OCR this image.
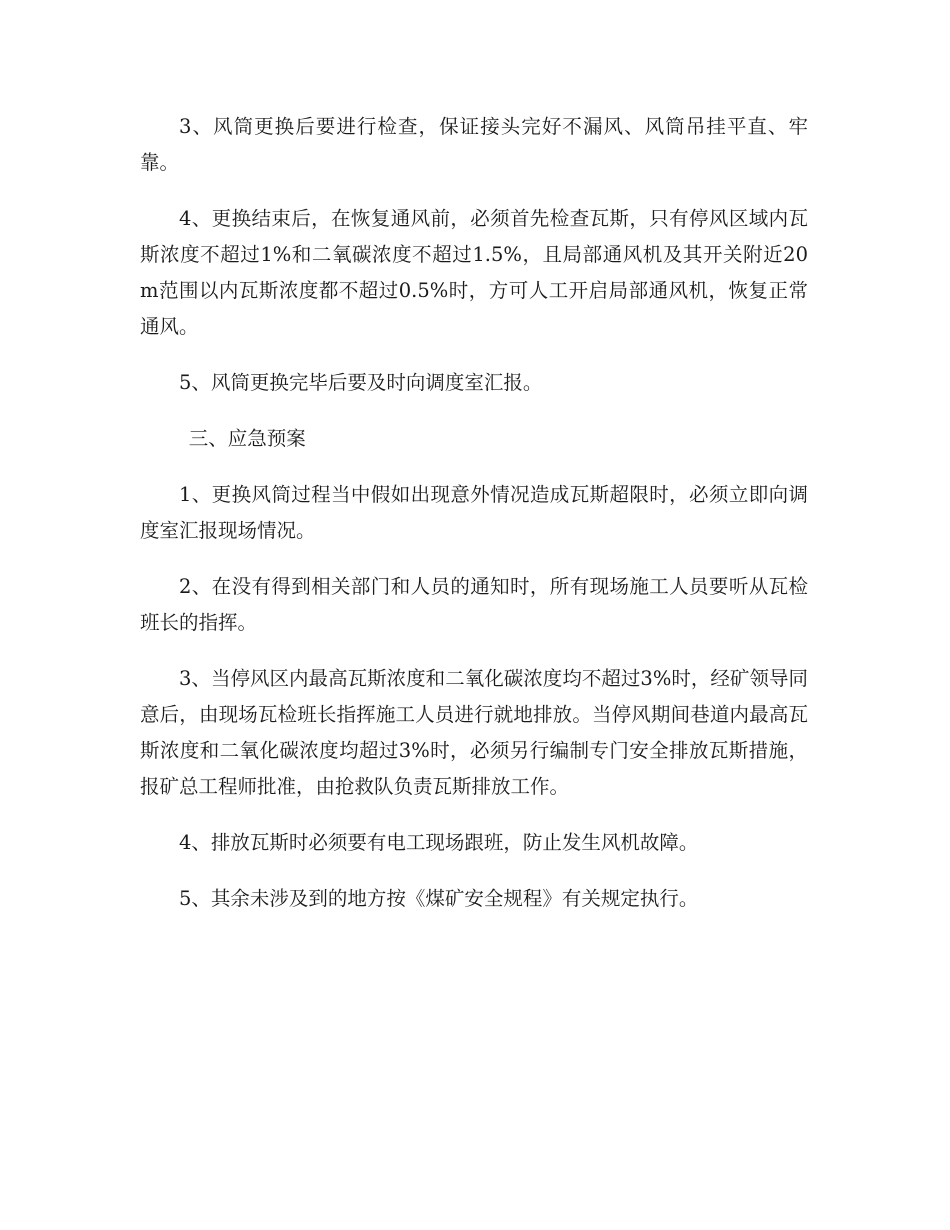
3、风筒更换后要进行检查，保证接头完好不漏风、风筒吊挂平直、牢靠。

4、更换结束后，在恢复通风前，必须首先检查瓦斯，只有停风区域内瓦斯浓度不超过1%和二氧碳浓度不超过1.5%，且局部通风机及其开关附近20m范围以内瓦斯浓度都不超过0.5%时，方可人工开启局部通风机，恢复正常通风。

5、风筒更换完毕后要及时向调度室汇报。

三、应急预案

1、更换风筒过程当中假如出现意外情况造成瓦斯超限时，必须立即向调度室汇报现场情况。

2、在没有得到相关部门和人员的通知时，所有现场施工人员要听从瓦检班长的指挥。

3、当停风区内最高瓦斯浓度和二氧化碳浓度均不超过3%时，经矿领导同意后，由现场瓦检班长指挥施工人员进行就地排放。当停风期间巷道内最高瓦斯浓度和二氧化碳浓度均超过3%时，必须另行编制专门安全排放瓦斯措施，报矿总工程师批准，由抢救队负责瓦斯排放工作。

4、排放瓦斯时必须要有电工现场跟班，防止发生风机故障。

5、其余未涉及到的地方按《煤矿安全规程》有关规定执行。
